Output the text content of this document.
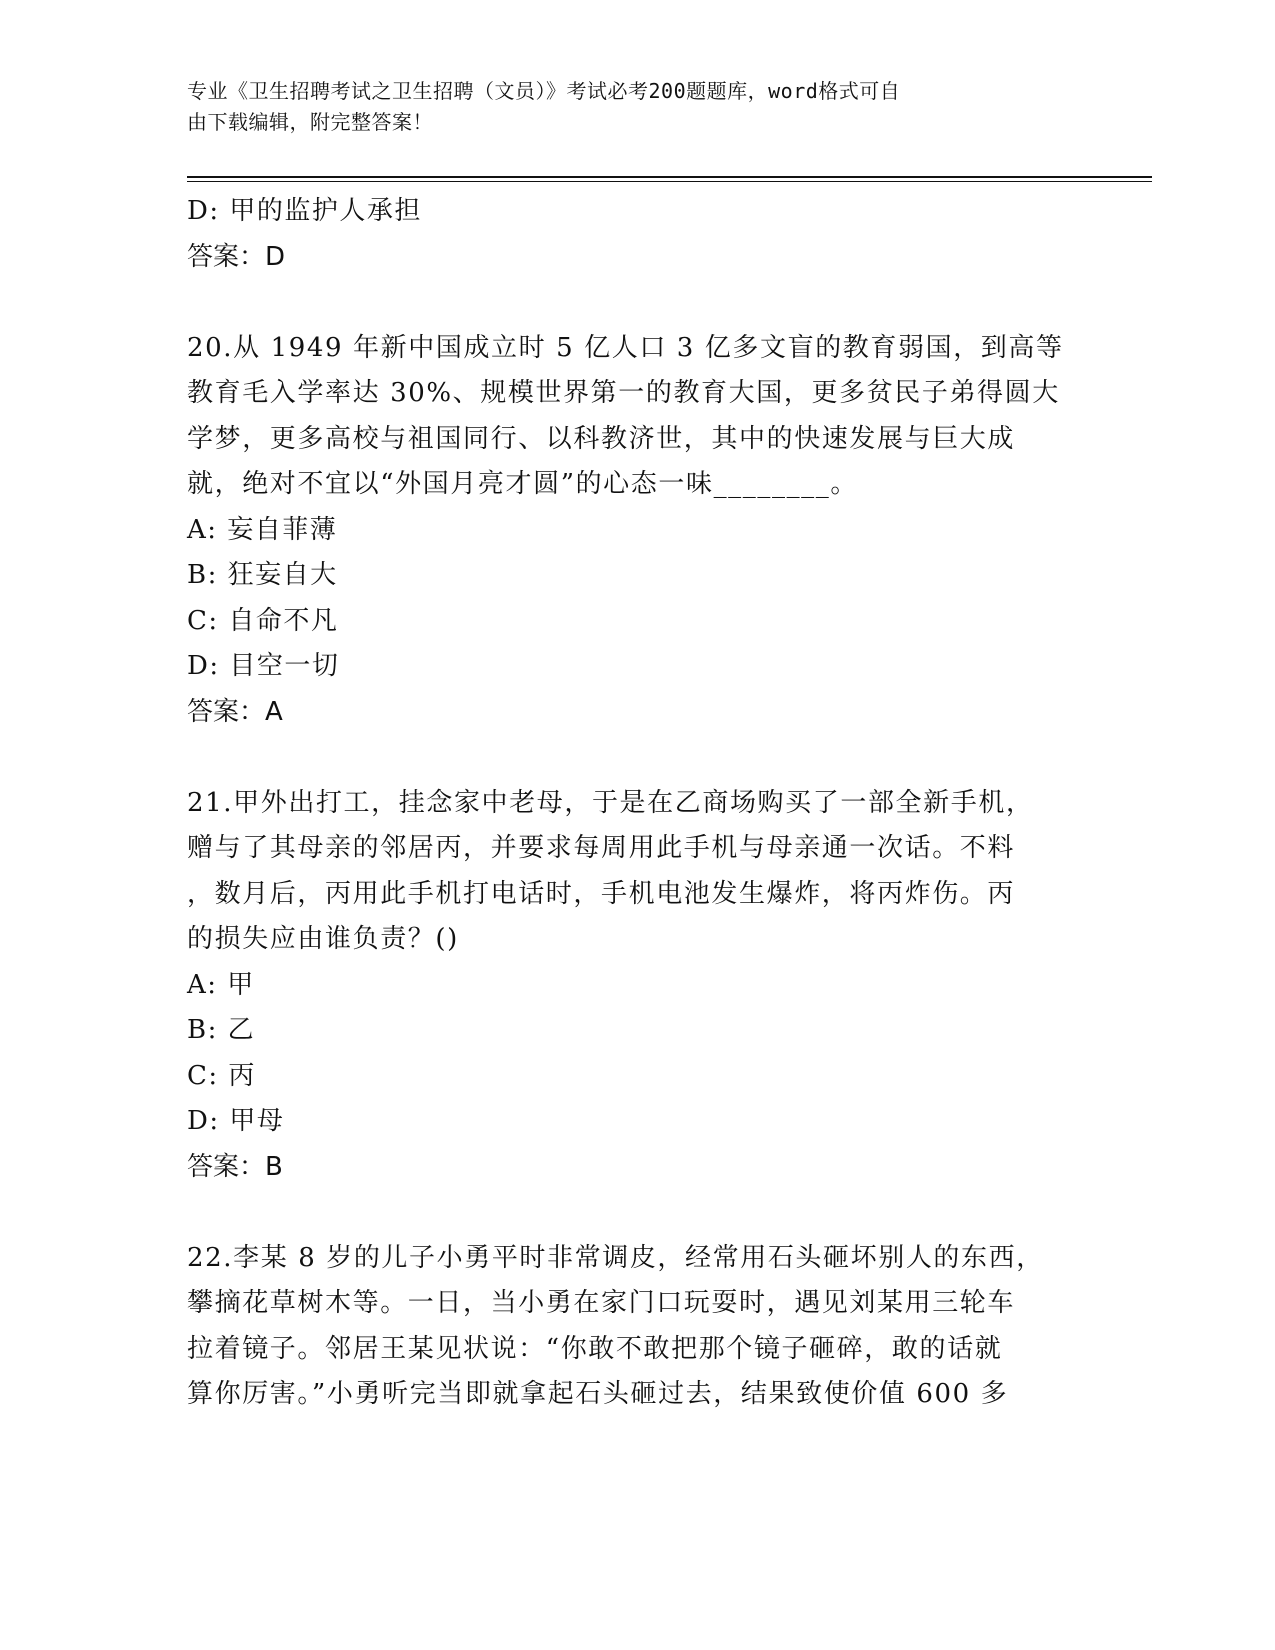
专业《卫生招聘考试之卫生招聘（文员）》考试必考200题题库，word格式可自
由下载编辑，附完整答案！
D: 甲的监护人承担
答案：D
20.从 1949 年新中国成立时 5 亿人口 3 亿多文盲的教育弱国，到高等
教育毛入学率达 30%、规模世界第一的教育大国，更多贫民子弟得圆大
学梦，更多高校与祖国同行、以科教济世，其中的快速发展与巨大成
就，绝对不宜以“外国月亮才圆”的心态一味________。
A: 妄自菲薄
B: 狂妄自大
C: 自命不凡
D: 目空一切
答案：A
21.甲外出打工，挂念家中老母，于是在乙商场购买了一部全新手机，
赠与了其母亲的邻居丙，并要求每周用此手机与母亲通一次话。不料
，数月后，丙用此手机打电话时，手机电池发生爆炸，将丙炸伤。丙
的损失应由谁负责？()
A: 甲
B: 乙
C: 丙
D: 甲母
答案：B
22.李某 8 岁的儿子小勇平时非常调皮，经常用石头砸坏别人的东西，
攀摘花草树木等。一日，当小勇在家门口玩耍时，遇见刘某用三轮车
拉着镜子。邻居王某见状说：“你敢不敢把那个镜子砸碎，敢的话就
算你厉害。”小勇听完当即就拿起石头砸过去，结果致使价值 600 多
